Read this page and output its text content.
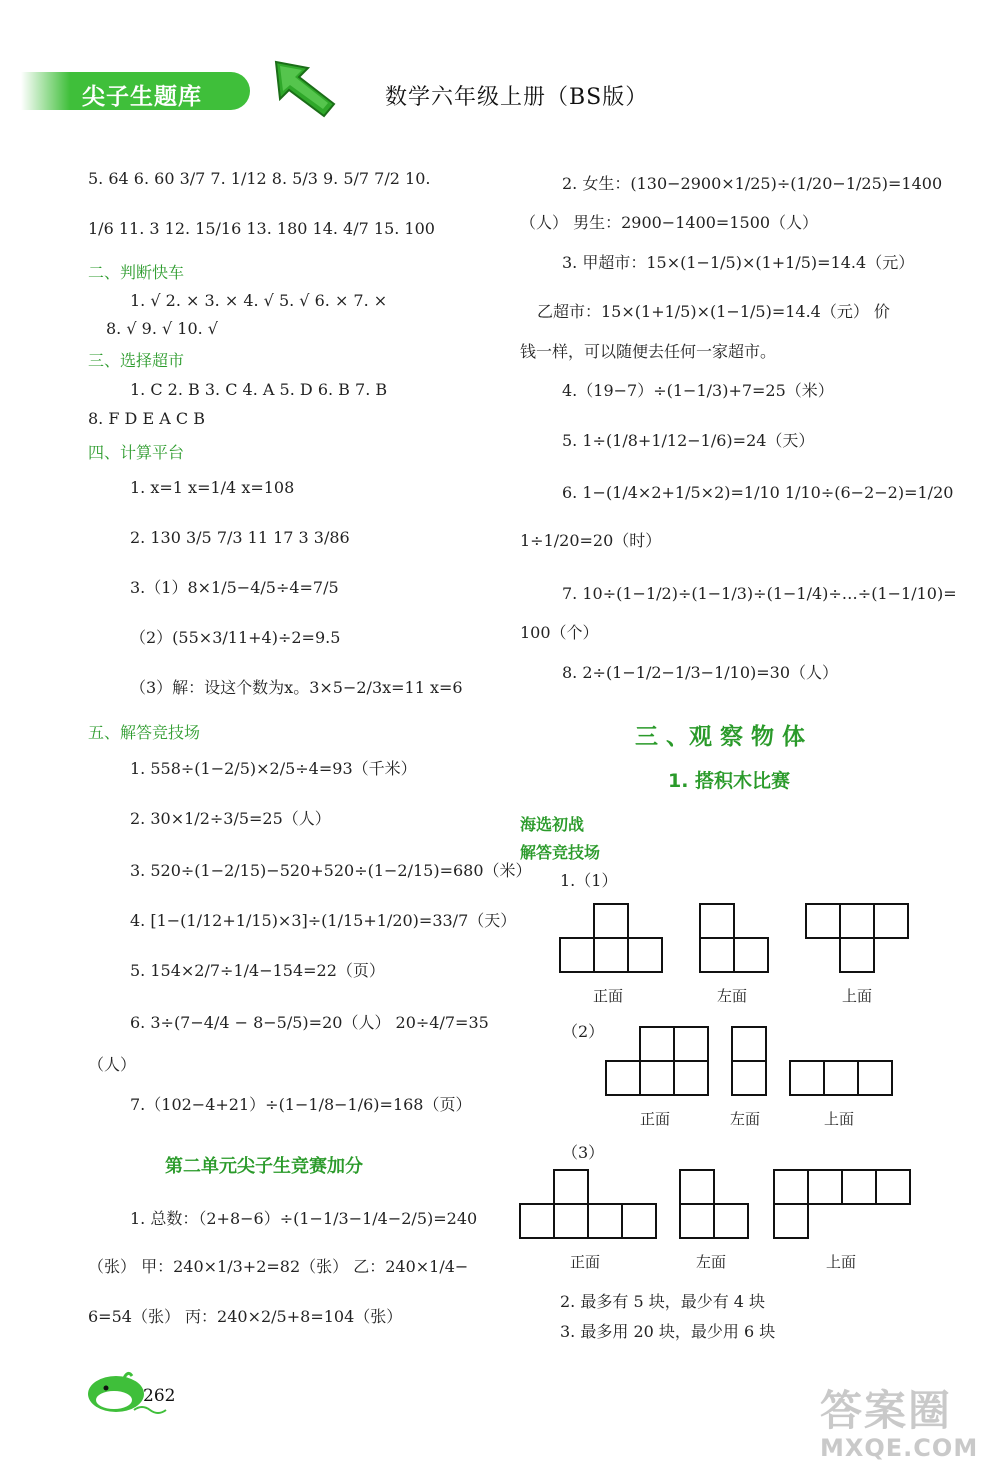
尖子生题库	数学六年级上册（BS版）
5. 64 6. 60 3/7 7. 1/12 8. 5/3 9. 5/7 7/2 10.
1/6 11. 3 12. 15/16 13. 180 14. 4/7 15. 100
二、判断快车
1. √ 2. × 3. × 4. √ 5. √ 6. × 7. ×
8. √ 9. √ 10. √
三、选择超市
1. C 2. B 3. C 4. A 5. D 6. B 7. B
8. F D E A C B
四、计算平台
1. x=1 x=1/4 x=108
2. 130 3/5 7/3 11 17 3 3/86
3.（1）8×1/5−4/5÷4=7/5
（2）(55×3/11+4)÷2=9.5
（3）解：设这个数为x。3×5−2/3x=11 x=6
五、解答竞技场
1. 558÷(1−2/5)×2/5÷4=93（千米）
2. 30×1/2÷3/5=25（人）
3. 520÷(1−2/15)−520+520÷(1−2/15)=680（米）
4. [1−(1/12+1/15)×3]÷(1/15+1/20)=33/7（天）
5. 154×2/7÷1/4−154=22（页）
6. 3÷(7−4/4 − 8−5/5)=20（人） 20÷4/7=35
（人）
7.（102−4+21）÷(1−1/8−1/6)=168（页）
第二单元尖子生竞赛加分
1. 总数：（2+8−6）÷(1−1/3−1/4−2/5)=240
（张） 甲：240×1/3+2=82（张） 乙：240×1/4−
6=54（张） 丙：240×2/5+8=104（张）
2. 女生：(130−2900×1/25)÷(1/20−1/25)=1400
（人） 男生：2900−1400=1500（人）
3. 甲超市：15×(1−1/5)×(1+1/5)=14.4（元）
乙超市：15×(1+1/5)×(1−1/5)=14.4（元） 价
钱一样，可以随便去任何一家超市。
4.（19−7）÷(1−1/3)+7=25（米）
5. 1÷(1/8+1/12−1/6)=24（天）
6. 1−(1/4×2+1/5×2)=1/10 1/10÷(6−2−2)=1/20
1÷1/20=20（时）
7. 10÷(1−1/2)÷(1−1/3)÷(1−1/4)÷…÷(1−1/10)=
100（个）
8. 2÷(1−1/2−1/3−1/10)=30（人）
三 、观 察 物 体
1. 搭积木比赛
海选初战
解答竞技场
1.（1）
正面	左面	上面
（2）
正面	左面	上面
（3）
正面	左面	上面
2. 最多有 5 块，最少有 4 块
3. 最多用 20 块，最少用 6 块
262	答案圈
MXQE.COM
